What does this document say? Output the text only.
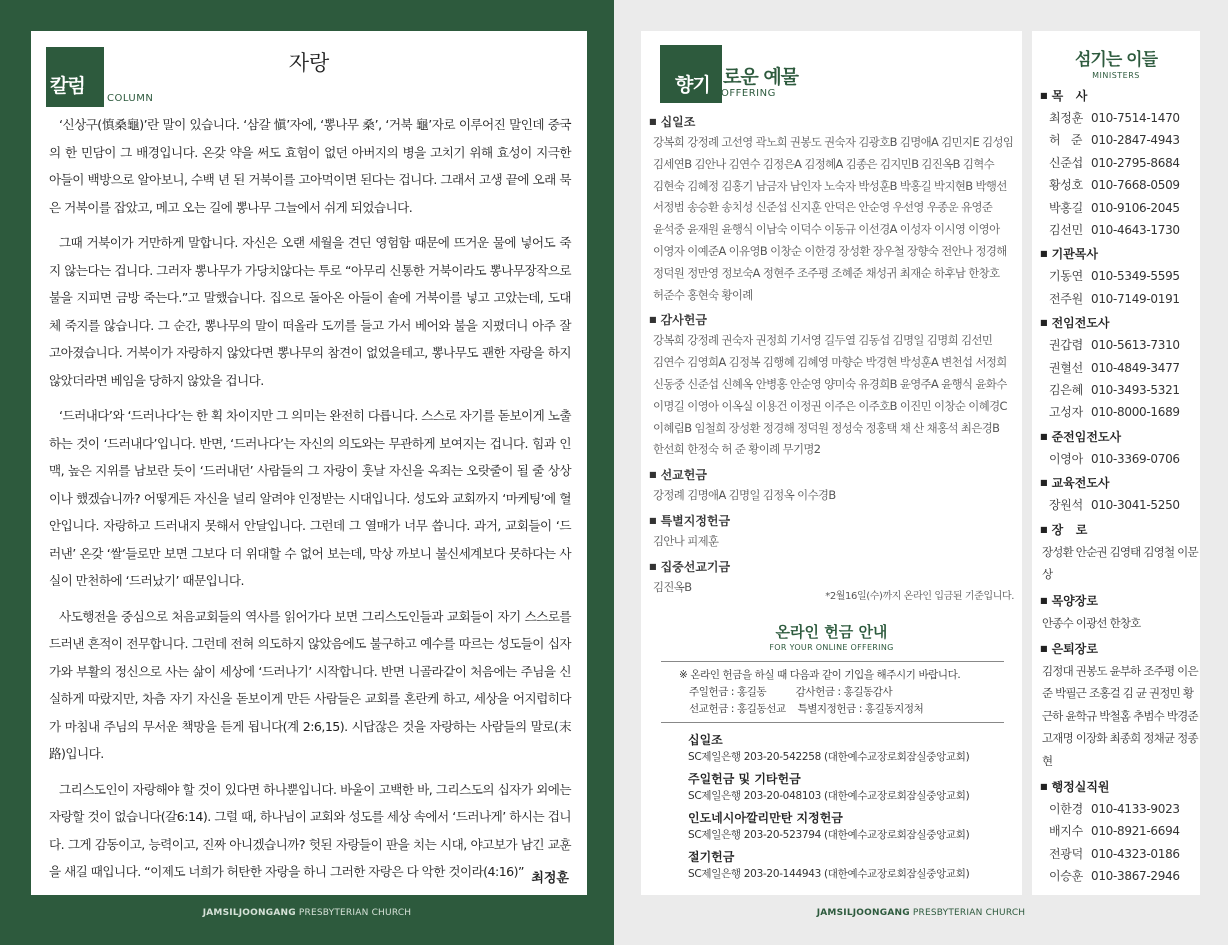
칼럼
COLUMN
자랑

‘신상구(慎桑龜)’란 말이 있습니다. ‘삼갈 愼’자에, ‘뽕나무 桑’, ‘거북 龜’자로 이루어진 말인데 중국의 한 민담이 그 배경입니다. 온갖 약을 써도 효험이 없던 아버지의 병을 고치기 위해 효성이 지극한 아들이 백방으로 알아보니, 수백 년 된 거북이를 고아먹이면 된다는 겁니다. 그래서 고생 끝에 오래 묵은 거북이를 잡았고, 메고 오는 길에 뽕나무 그늘에서 쉬게 되었습니다.

그때 거북이가 거만하게 말합니다. 자신은 오랜 세월을 견딘 영험함 때문에 뜨거운 물에 넣어도 죽지 않는다는 겁니다. 그러자 뽕나무가 가당치않다는 투로 “아무리 신통한 거북이라도 뽕나무장작으로 불을 지피면 금방 죽는다.”고 말했습니다. 집으로 돌아온 아들이 솥에 거북이를 넣고 고았는데, 도대체 죽지를 않습니다. 그 순간, 뽕나무의 말이 떠올라 도끼를 들고 가서 베어와 불을 지폈더니 아주 잘 고아졌습니다. 거북이가 자랑하지 않았다면 뽕나무의 참견이 없었을테고, 뽕나무도 괜한 자랑을 하지 않았더라면 베임을 당하지 않았을 겁니다.

‘드러내다’와 ‘드러나다’는 한 획 차이지만 그 의미는 완전히 다릅니다. 스스로 자기를 돋보이게 노출하는 것이 ‘드러내다’입니다. 반면, ‘드러나다’는 자신의 의도와는 무관하게 보여지는 겁니다. 힘과 인맥, 높은 지위를 남보란 듯이 ‘드러내던’ 사람들의 그 자랑이 훗날 자신을 옥죄는 오랏줄이 될 줄 상상이나 했겠습니까? 어떻게든 자신을 널리 알려야 인정받는 시대입니다. 성도와 교회까지 ‘마케팅’에 혈안입니다. 자랑하고 드러내지 못해서 안달입니다. 그런데 그 열매가 너무 씁니다. 과거, 교회들이 ‘드러낸’ 온갖 ‘쌀’들로만 보면 그보다 더 위대할 수 없어 보는데, 막상 까보니 불신세계보다 못하다는 사실이 만천하에 ‘드러났기’ 때문입니다.

사도행전을 중심으로 처음교회들의 역사를 읽어가다 보면 그리스도인들과 교회들이 자기 스스로를 드러낸 흔적이 전무합니다. 그런데 전혀 의도하지 않았음에도 불구하고 예수를 따르는 성도들이 십자가와 부활의 정신으로 사는 삶이 세상에 ‘드러나기’ 시작합니다. 반면 니골라같이 처음에는 주님을 신실하게 따랐지만, 차츰 자기 자신을 돋보이게 만든 사람들은 교회를 혼란케 하고, 세상을 어지럽히다가 마침내 주님의 무서운 책망을 듣게 됩니다(계 2:6,15). 시답잖은 것을 자랑하는 사람들의 말로(末路)입니다.

그리스도인이 자랑해야 할 것이 있다면 하나뿐입니다. 바울이 고백한 바, 그리스도의 십자가 외에는 자랑할 것이 없습니다(갈6:14). 그럴 때, 하나님이 교회와 성도를 세상 속에서 ‘드러나게’ 하시는 겁니다. 그게 감동이고, 능력이고, 진짜 아니겠습니까? 헛된 자랑들이 판을 치는 시대, 야고보가 남긴 교훈을 새길 때입니다. “이제도 너희가 허탄한 자랑을 하니 그러한 자랑은 다 악한 것이라(4:16)” 최정훈
향기 로운 예물
OFFERING
■ 십일조
강복희 강정례 고선영 곽노희 권봉도 권숙자 김광호B 김명애A 김민지E 김성임 김세연B 김안나 김연수 김정은A 김정혜A 김종은 김지민B 김진옥B 김혁수 김현숙 김혜정 김홍기 남금자 남인자 노숙자 박성훈B 박홍길 박지현B 박행선 서정범 송승환 송치성 신준섭 신지훈 안덕은 안순영 우선영 우종운 유영준 윤석중 윤재원 윤행식 이남숙 이덕수 이동규 이선경A 이성자 이시영 이영아 이영자 이예준A 이유영B 이창순 이한경 장성환 장우철 장향숙 전안나 정경해 정덕원 정만영 정보숙A 정현주 조주평 조혜준 채성귀 최재순 하후남 한창호 허준수 홍현숙 황이례
■ 감사헌금
강복희 강정례 권숙자 권정희 기서영 길두열 김동섭 김명일 김명희 김선민 김연수 김영희A 김정복 김행혜 김혜영 마향순 박경현 박성훈A 변천섭 서정희 신동중 신준섭 신혜옥 안병홍 안순영 양미숙 유경희B 윤영주A 윤행식 윤화수 이명길 이영아 이옥실 이용건 이정권 이주은 이주호B 이진민 이창순 이혜경C 이혜림B 임철희 장성환 정경해 정덕원 정성숙 정홍택 채 산 채홍석 최은경B 한선희 한정숙 허 준 황이례 무기명2
■ 선교헌금
강정례 김명애A 김명일 김정옥 이수경B
■ 특별지정헌금
김안나 피제훈
■ 집중선교기금
김진옥B
*2월16일(수)까지 온라인 입금된 기준입니다.
온라인 헌금 안내
FOR YOUR ONLINE OFFERING
※ 온라인 헌금을 하실 때 다음과 같이 기입을 해주시기 바랍니다.
주일헌금 : 홍길동          감사헌금 : 홍길동감사
선교헌금 : 홍길동선교    특별지정헌금 : 홍길동지정처
십일조
SC제일은행 203-20-542258 (대한예수교장로회잠실중앙교회)
주일헌금 및 기타헌금
SC제일은행 203-20-048103 (대한예수교장로회잠실중앙교회)
인도네시아깔리만탄 지정헌금
SC제일은행 203-20-523794 (대한예수교장로회잠실중앙교회)
절기헌금
SC제일은행 203-20-144943 (대한예수교장로회잠실중앙교회)
섬기는 이들
MINISTERS
■ 목   사
최정훈 010-7514-1470
허   준 010-2847-4943
신준섭 010-2795-8684
황성호 010-7668-0509
박홍길 010-9106-2045
김선민 010-4643-1730
■ 기관목사
기동연 010-5349-5595
전주원 010-7149-0191
■ 전임전도사
권갑렴 010-5613-7310
권혈선 010-4849-3477
김은혜 010-3493-5321
고성자 010-8000-1689
■ 준전임전도사
이영아 010-3369-0706
■ 교육전도사
장원석 010-3041-5250
■ 장   로
장성환 안순권 김영태 김영철 이문상
■ 목양장로
안종수 이광선 한창호
■ 은퇴장로
김정대 권봉도 윤부하 조주평 이은준 박필근 조홍걸 김 균 권정민 황근하 윤학규 박철홈 추범수 박경준 고재명 이장화 최종희 정채균 정종현
■ 행정실직원
이한경 010-4133-9023
배지수 010-8921-6694
전광덕 010-4323-0186
이승훈 010-3867-2946
JAMSILJOONGANG PRESBYTERIAN CHURCH	JAMSILJOONGANG PRESBYTERIAN CHURCH
